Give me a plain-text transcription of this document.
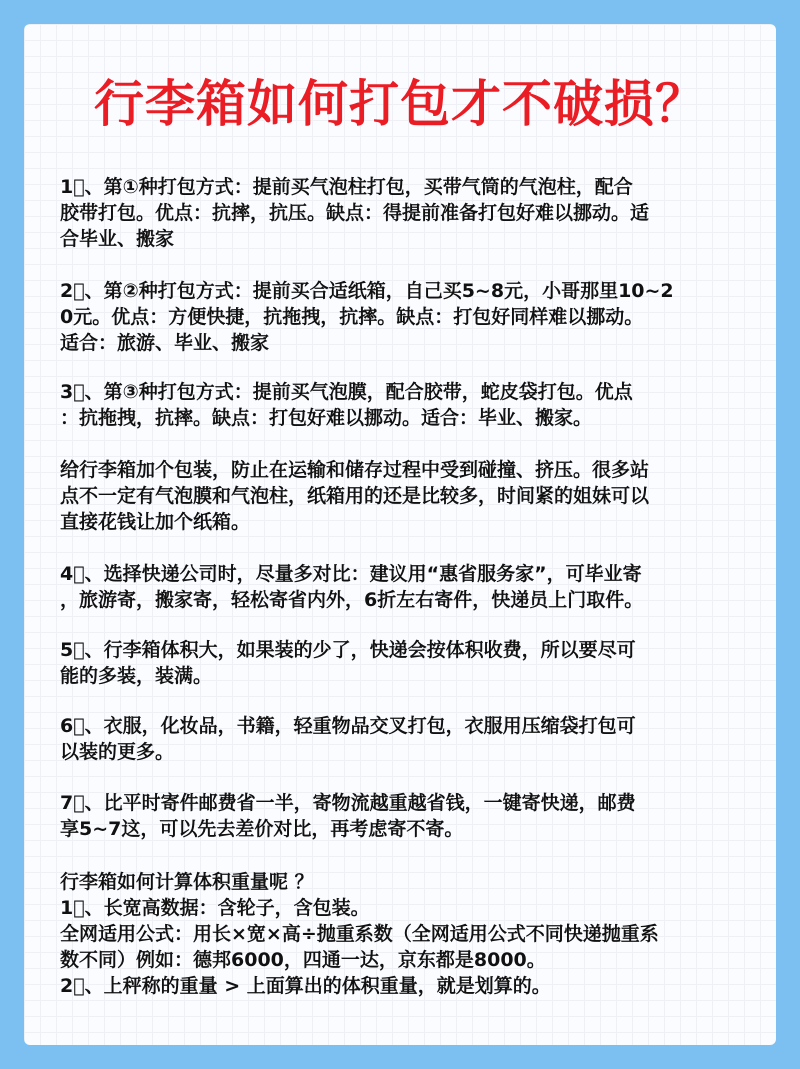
行李箱如何打包才不破损？
1⃣、第①种打包方式：提前买气泡柱打包，买带气筒的气泡柱，配合
胶带打包。优点：抗摔，抗压。缺点：得提前准备打包好难以挪动。适
合毕业、搬家
2⃣、第②种打包方式：提前买合适纸箱，自己买5~8元，小哥那里10~2
0元。优点：方便快捷，抗拖拽，抗摔。缺点：打包好同样难以挪动。
适合：旅游、毕业、搬家
3⃣、第③种打包方式：提前买气泡膜，配合胶带，蛇皮袋打包。优点
：抗拖拽，抗摔。缺点：打包好难以挪动。适合：毕业、搬家。
给行李箱加个包装，防止在运输和储存过程中受到碰撞、挤压。很多站
点不一定有气泡膜和气泡柱，纸箱用的还是比较多，时间紧的姐妹可以
直接花钱让加个纸箱。
4⃣、选择快递公司时，尽量多对比：建议用“惠省服务家”，可毕业寄
，旅游寄，搬家寄，轻松寄省内外，6折左右寄件，快递员上门取件。
5⃣、行李箱体积大，如果装的少了，快递会按体积收费，所以要尽可
能的多装，装满。
6⃣、衣服，化妆品，书籍，轻重物品交叉打包，衣服用压缩袋打包可
以装的更多。
7⃣、比平时寄件邮费省一半，寄物流越重越省钱，一键寄快递，邮费
享5~7这，可以先去差价对比，再考虑寄不寄。
行李箱如何计算体积重量呢 ？
1⃣、长宽高数据：含轮子，含包装。
全网适用公式：用长×宽×高÷抛重系数（全网适用公式不同快递抛重系
数不同）例如：德邦6000，四通一达，京东都是8000。
2⃣、上秤称的重量 > 上面算出的体积重量，就是划算的。
